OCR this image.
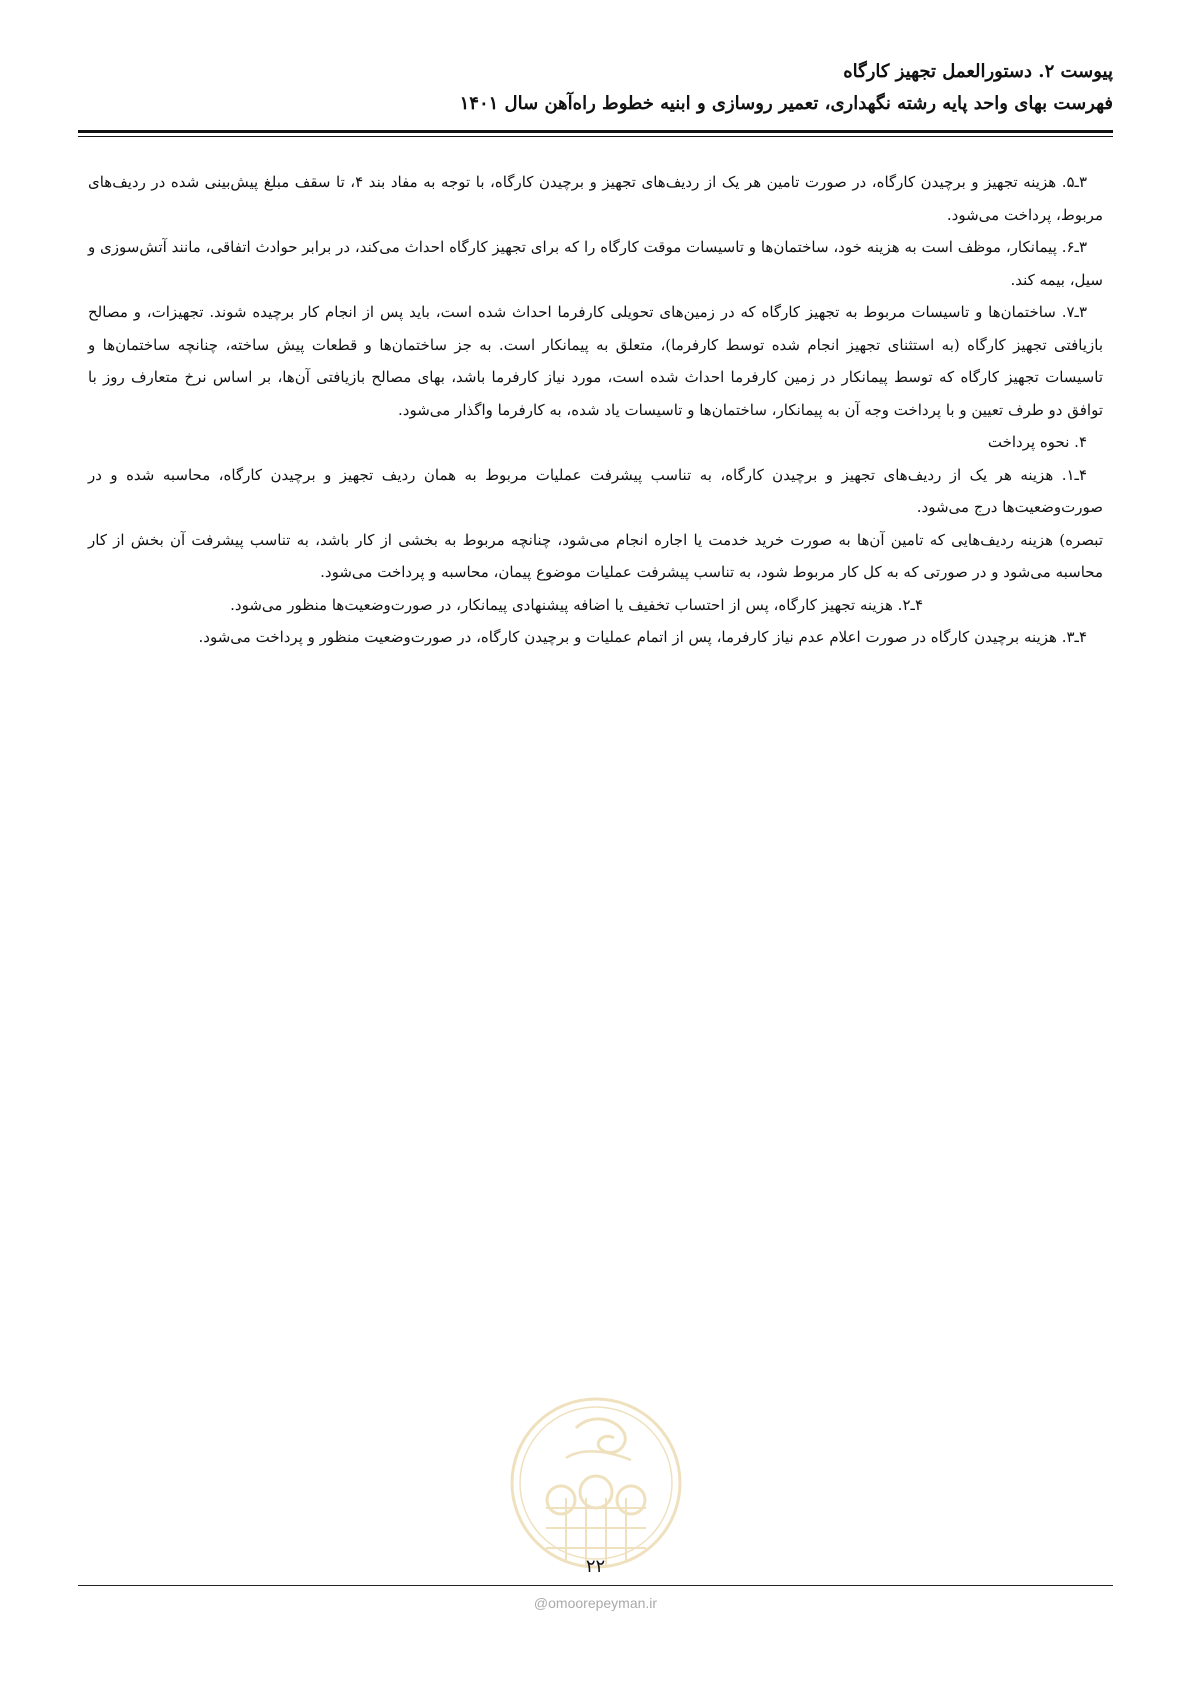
پیوست ۲. دستورالعمل تجهیز کارگاه

فهرست بهای واحد پایه رشته نگهداری، تعمیر روسازی و ابنیه خطوط راه‌آهن سال ۱۴۰۱

۳ـ۵. هزینه تجهیز و برچیدن کارگاه، در صورت تامین هر یک از ردیف‌های تجهیز و برچیدن کارگاه، با توجه به مفاد بند ۴، تا سقف مبلغ پیش‌بینی شده در ردیف‌های مربوط، پرداخت می‌شود.

۳ـ۶. پیمانکار، موظف است به هزینه خود، ساختمان‌ها و تاسیسات موقت کارگاه را که برای تجهیز کارگاه احداث می‌کند، در برابر حوادث اتفاقی، مانند آتش‌سوزی و سیل، بیمه کند.

۳ـ۷. ساختمان‌ها و تاسیسات مربوط به تجهیز کارگاه که در زمین‌های تحویلی کارفرما احداث شده است، باید پس از انجام کار برچیده شوند. تجهیزات، و مصالح بازیافتی تجهیز کارگاه (به استثنای تجهیز انجام شده توسط کارفرما)، متعلق به پیمانکار است. به جز ساختمان‌ها و قطعات پیش ساخته، چنانچه ساختمان‌ها و تاسیسات تجهیز کارگاه که توسط پیمانکار در زمین کارفرما احداث شده است، مورد نیاز کارفرما باشد، بهای مصالح بازیافتی آن‌ها، بر اساس نرخ متعارف روز با توافق دو طرف تعیین و با پرداخت وجه آن به پیمانکار، ساختمان‌ها و تاسیسات یاد شده، به کارفرما واگذار می‌شود.

۴. نحوه پرداخت

۴ـ۱. هزینه هر یک از ردیف‌های تجهیز و برچیدن کارگاه، به تناسب پیشرفت عملیات مربوط به همان ردیف تجهیز و برچیدن کارگاه، محاسبه شده و در صورت‌وضعیت‌ها درج می‌شود.

تبصره) هزینه ردیف‌هایی که تامین آن‌ها به صورت خرید خدمت یا اجاره انجام می‌شود، چنانچه مربوط به بخشی از کار باشد، به تناسب پیشرفت آن بخش از کار محاسبه می‌شود و در صورتی که به کل کار مربوط شود، به تناسب پیشرفت عملیات موضوع پیمان، محاسبه و پرداخت می‌شود.

۴ـ۲. هزینه تجهیز کارگاه، پس از احتساب تخفیف یا اضافه پیشنهادی پیمانکار، در صورت‌وضعیت‌ها منظور می‌شود.

۴ـ۳. هزینه برچیدن کارگاه در صورت اعلام عدم نیاز کارفرما، پس از اتمام عملیات و برچیدن کارگاه، در صورت‌وضعیت منظور و پرداخت می‌شود.

۲۲
@omoorepeyman.ir
